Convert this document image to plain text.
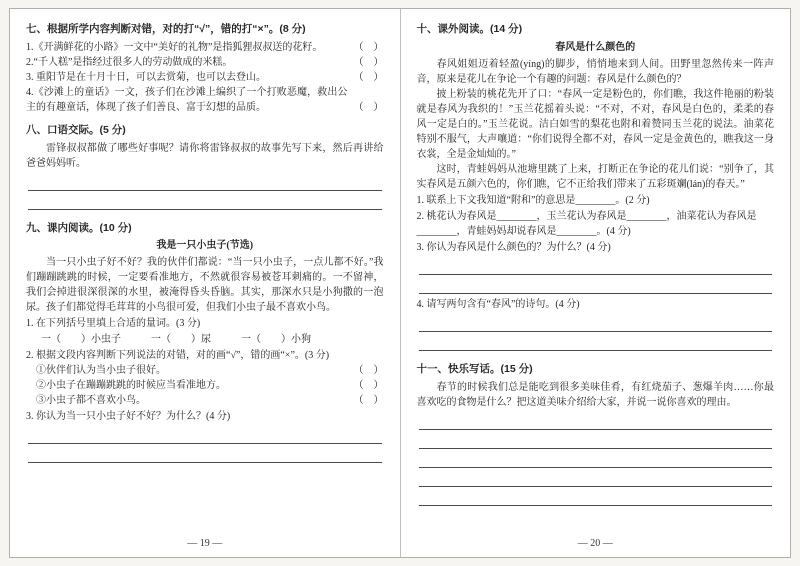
七、根据所学内容判断对错，对的打“√”，错的打“×”。(8 分)
1.《开满鲜花的小路》一文中“美好的礼物”是指狐狸叔叔送的花籽。	（　）
2.“千人糕”是指经过很多人的劳动做成的米糕。	（　）
3. 重阳节是在十月十日，可以去赏菊，也可以去登山。	（　）
4.《沙滩上的童话》一文，孩子们在沙滩上编织了一个打败恶魔，救出公主的有趣童话，体现了孩子们善良、富于幻想的品质。	（　）
八、口语交际。(5 分)
雷锋叔叔都做了哪些好事呢？请你将雷锋叔叔的故事先写下来，然后再讲给爸爸妈妈听。
九、课内阅读。(10 分)
我是一只小虫子(节选)
当一只小虫子好不好？我的伙伴们都说：“当一只小虫子，一点儿都不好。”我们蹦蹦跳跳的时候，一定要看准地方，不然就很容易被苍耳刺痛的。一不留神，我们会掉进很深很深的水里，被淹得昏头昏脑。其实，那深水只是小狗撒的一泡尿。孩子们都觉得毛茸茸的小鸟很可爱，但我们小虫子最不喜欢小鸟。
1. 在下列括号里填上合适的量词。(3 分)
一（　　）小虫子　　　一（　　）尿　　　一（　　）小狗
2. 根据文段内容判断下列说法的对错，对的画“√”，错的画“×”。(3 分)
①伙伴们认为当小虫子很好。	（　）
②小虫子在蹦蹦跳跳的时候应当看准地方。	（　）
③小虫子都不喜欢小鸟。	（　）
3. 你认为当一只小虫子好不好？为什么？(4 分)
— 19 —
十、课外阅读。(14 分)
春风是什么颜色的
春风姐姐迈着轻盈(yíng)的脚步，悄悄地来到人间。田野里忽然传来一阵声音，原来是花儿在争论一个有趣的问题：春风是什么颜色的？
披上粉装的桃花先开了口：“春风一定是粉色的，你们瞧，我这件艳丽的粉装就是春风为我织的！”玉兰花摇着头说：“不对，不对，春风是白色的，柔柔的春风一定是白的。”玉兰花说。洁白如雪的梨花也附和着赞同玉兰花的说法。油菜花特别不服气，大声嚷道：“你们说得全都不对，春风一定是金黄色的，瞧我这一身衣裳，全是金灿灿的。”
这时，青蛙妈妈从池塘里跳了上来，打断正在争论的花儿们说：“别争了，其实春风是五颜六色的，你们瞧，它不正给我们带来了五彩斑斓(lán)的春天。”
1. 联系上下文我知道“附和”的意思是________。(2 分)
2. 桃花认为春风是________，玉兰花认为春风是________，油菜花认为春风是________，青蛙妈妈却说春风是________。(4 分)
3. 你认为春风是什么颜色的？为什么？(4 分)
4. 请写两句含有“春风”的诗句。(4 分)
十一、快乐写话。(15 分)
春节的时候我们总是能吃到很多美味佳肴，有红烧茄子、葱爆羊肉……你最喜欢吃的食物是什么？把这道美味介绍给大家，并说一说你喜欢的理由。
— 20 —
